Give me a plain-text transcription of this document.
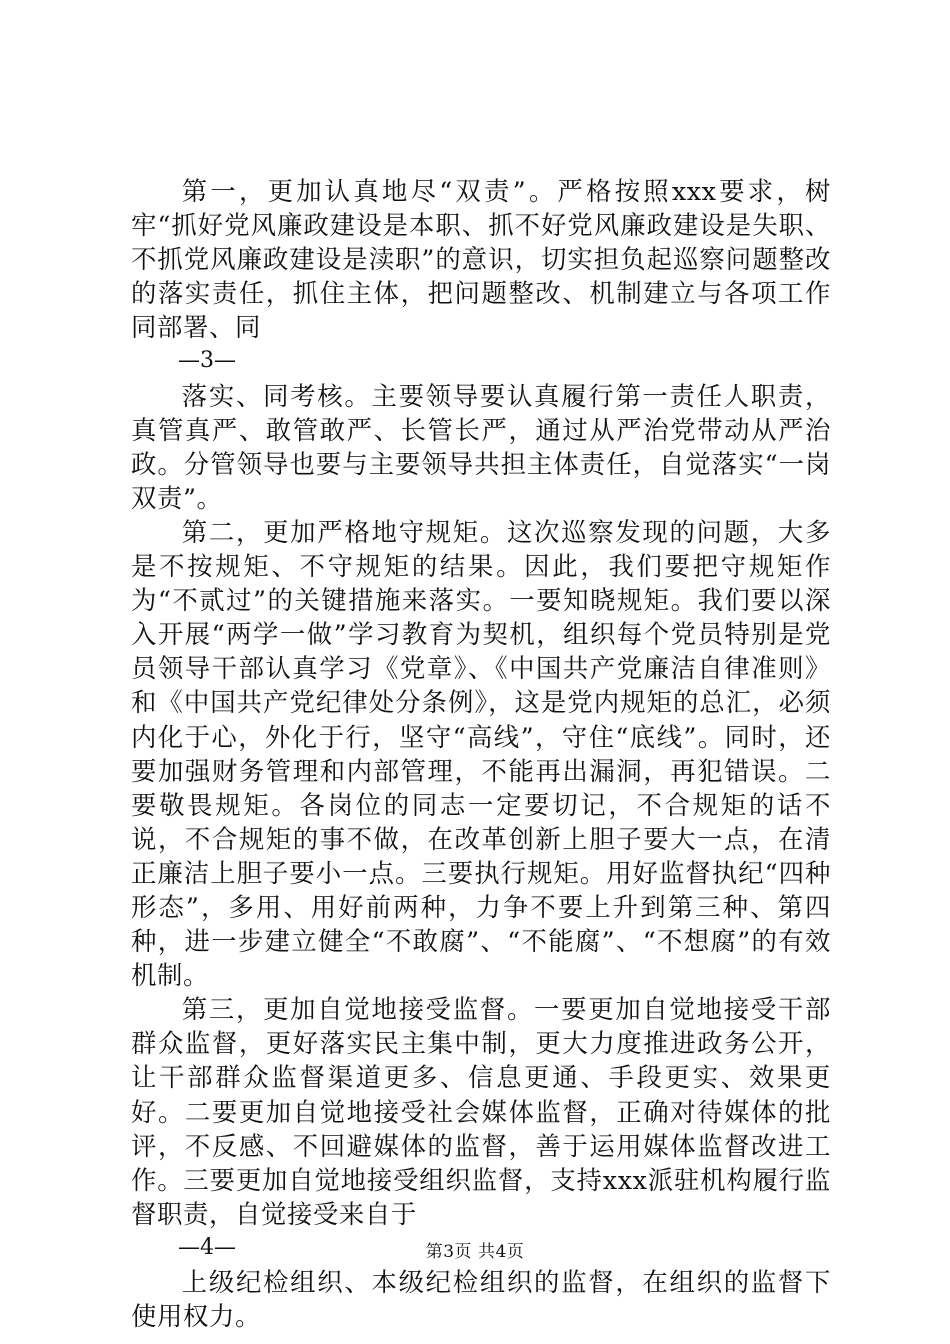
第一，更加认真地尽“双责”。严格按照xxx要求，树牢“抓好党风廉政建设是本职、抓不好党风廉政建设是失职、不抓党风廉政建设是渎职”的意识，切实担负起巡察问题整改的落实责任，抓住主体，把问题整改、机制建立与各项工作同部署、同

—3—

落实、同考核。主要领导要认真履行第一责任人职责，真管真严、敢管敢严、长管长严，通过从严治党带动从严治政。分管领导也要与主要领导共担主体责任，自觉落实“一岗双责”。

第二，更加严格地守规矩。这次巡察发现的问题，大多是不按规矩、不守规矩的结果。因此，我们要把守规矩作为“不贰过”的关键措施来落实。一要知晓规矩。我们要以深入开展“两学一做”学习教育为契机，组织每个党员特别是党员领导干部认真学习《党章》、《中国共产党廉洁自律准则》和《中国共产党纪律处分条例》，这是党内规矩的总汇，必须内化于心，外化于行，坚守“高线”，守住“底线”。同时，还要加强财务管理和内部管理，不能再出漏洞，再犯错误。二要敬畏规矩。各岗位的同志一定要切记，不合规矩的话不说，不合规矩的事不做，在改革创新上胆子要大一点，在清正廉洁上胆子要小一点。三要执行规矩。用好监督执纪“四种形态”，多用、用好前两种，力争不要上升到第三种、第四种，进一步建立健全“不敢腐”、“不能腐”、“不想腐”的有效机制。

第三，更加自觉地接受监督。一要更加自觉地接受干部群众监督，更好落实民主集中制，更大力度推进政务公开，让干部群众监督渠道更多、信息更通、手段更实、效果更好。二要更加自觉地接受社会媒体监督，正确对待媒体的批评，不反感、不回避媒体的监督，善于运用媒体监督改进工作。三要更加自觉地接受组织监督，支持xxx派驻机构履行监督职责，自觉接受来自于

—4—

上级纪检组织、本级纪检组织的监督，在组织的监督下使用权力。

第3页 共4页
